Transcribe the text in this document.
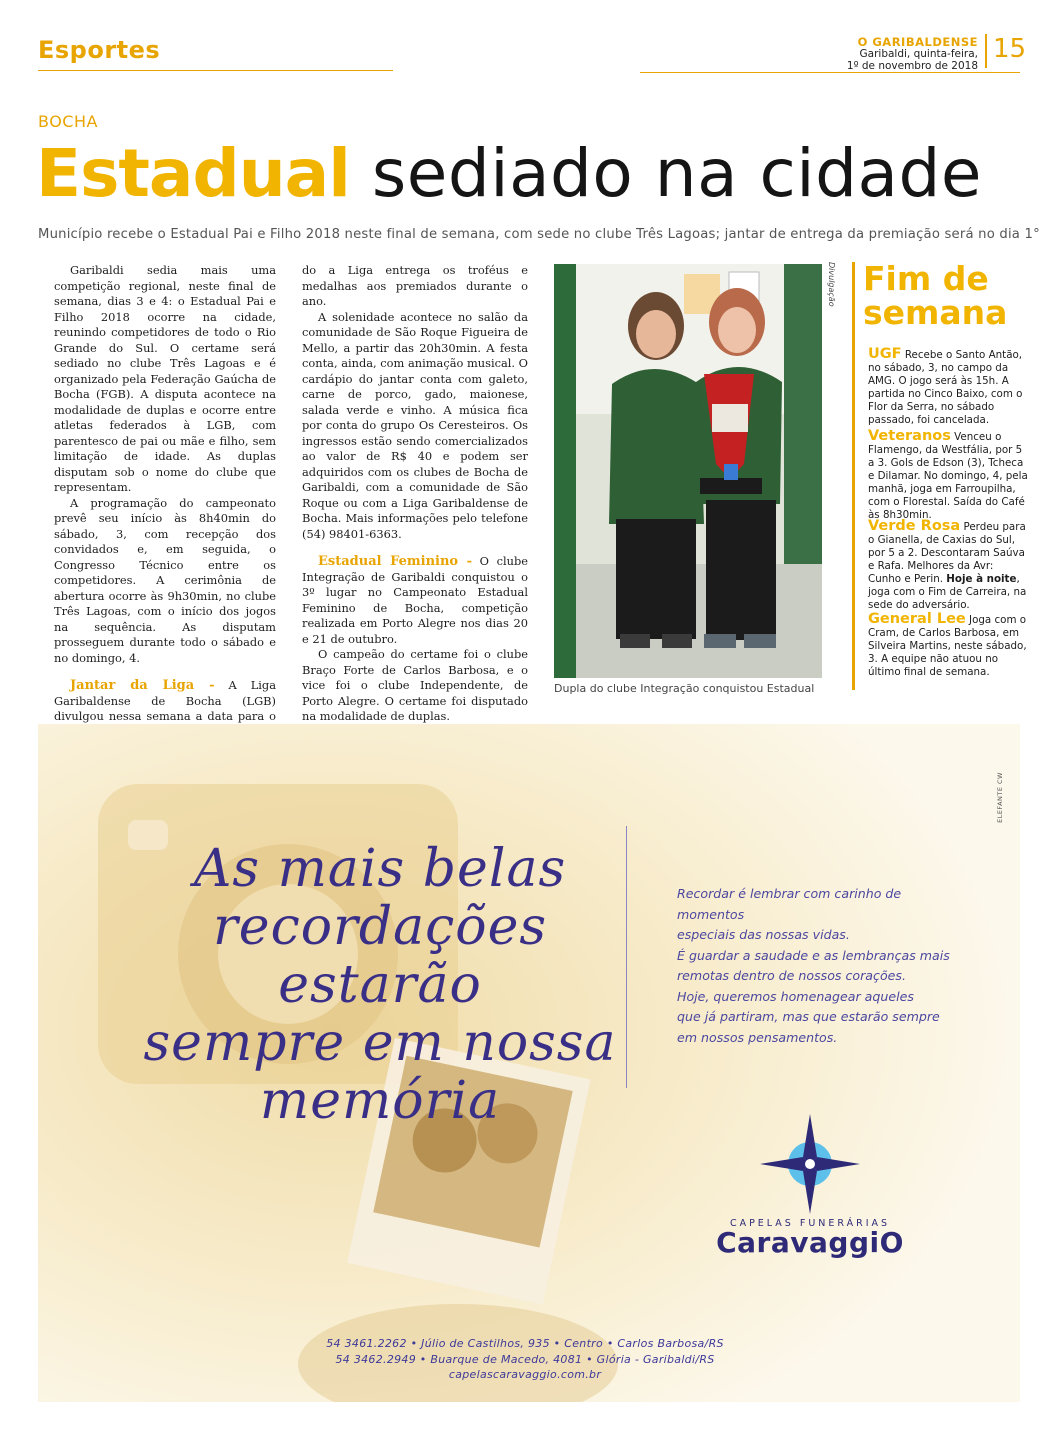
Esportes	O GARIBALDENSE
Garibaldi, quinta-feira,
1º de novembro de 2018
15
BOCHA
Estadual sediado na cidade
Município recebe o Estadual Pai e Filho 2018 neste final de semana, com sede no clube Três Lagoas; jantar de entrega da premiação será no dia 1°

Garibaldi sedia mais uma competição regional, neste final de semana, dias 3 e 4: o Estadual Pai e Filho 2018 ocorre na cidade, reunindo competidores de todo o Rio Grande do Sul. O certame será sediado no clube Três Lagoas e é organizado pela Federação Gaúcha de Bocha (FGB). A disputa acontece na modalidade de duplas e ocorre entre atletas federados à LGB, com parentesco de pai ou mãe e filho, sem limitação de idade. As duplas disputam sob o nome do clube que representam.

A programação do campeonato prevê seu início às 8h40min do sábado, 3, com recepção dos convidados e, em seguida, o Congresso Técnico entre os competidores. A cerimônia de abertura ocorre às 9h30min, no clube Três Lagoas, com o início dos jogos na sequência. As disputam prosseguem durante todo o sábado e no domingo, 4.

Jantar da Liga - A Liga Garibaldense de Bocha (LGB) divulgou nessa semana a data para o

do a Liga entrega os troféus e medalhas aos premiados durante o ano.

A solenidade acontece no salão da comunidade de São Roque Figueira de Mello, a partir das 20h30min. A festa conta, ainda, com animação musical. O cardápio do jantar conta com galeto, carne de porco, gado, maionese, salada verde e vinho. A música fica por conta do grupo Os Ceresteiros. Os ingressos estão sendo comercializados ao valor de R$ 40 e podem ser adquiridos com os clubes de Bocha de Garibaldi, com a comunidade de São Roque ou com a Liga Garibaldense de Bocha. Mais informações pelo telefone (54) 98401-6363.

Estadual Feminino - O clube Integração de Garibaldi conquistou o 3º lugar no Campeonato Estadual Feminino de Bocha, competição realizada em Porto Alegre nos dias 20 e 21 de outubro.

O campeão do certame foi o clube Braço Forte de Carlos Barbosa, e o vice foi o clube Independente, de Porto Alegre. O certame foi disputado na modalidade de duplas.

Divulgação
Dupla do clube Integração conquistou Estadual
Fim de
semana
UGF Recebe o Santo Antão, no sábado, 3, no campo da AMG. O jogo será às 15h. A partida no Cinco Baixo, com o Flor da Serra, no sábado passado, foi cancelada.
Veteranos Venceu o Flamengo, da Westfália, por 5 a 3. Gols de Edson (3), Tcheca e Dilamar. No domingo, 4, pela manhã, joga em Farroupilha, com o Florestal. Saída do Café às 8h30min.
Verde Rosa Perdeu para o Gianella, de Caxias do Sul, por 5 a 2. Descontaram Saúva e Rafa. Melhores da Avr: Cunho e Perin. Hoje à noite, joga com o Fim de Carreira, na sede do adversário.
General Lee Joga com o Cram, de Carlos Barbosa, em Silveira Martins, neste sábado, 3. A equipe não atuou no último final de semana.
ELEFANTE CW
As mais belas
recordações estarão
sempre em nossa
memória
Recordar é lembrar com carinho de momentos
especiais das nossas vidas.
É guardar a saudade e as lembranças mais
remotas dentro de nossos corações.
Hoje, queremos homenagear aqueles
que já partiram, mas que estarão sempre
em nossos pensamentos.
CAPELAS FUNERÁRIAS
CaravaggiO
54 3461.2262 • Júlio de Castilhos, 935 • Centro • Carlos Barbosa/RS
54 3462.2949 • Buarque de Macedo, 4081 • Glória - Garibaldi/RS
capelascaravaggio.com.br
